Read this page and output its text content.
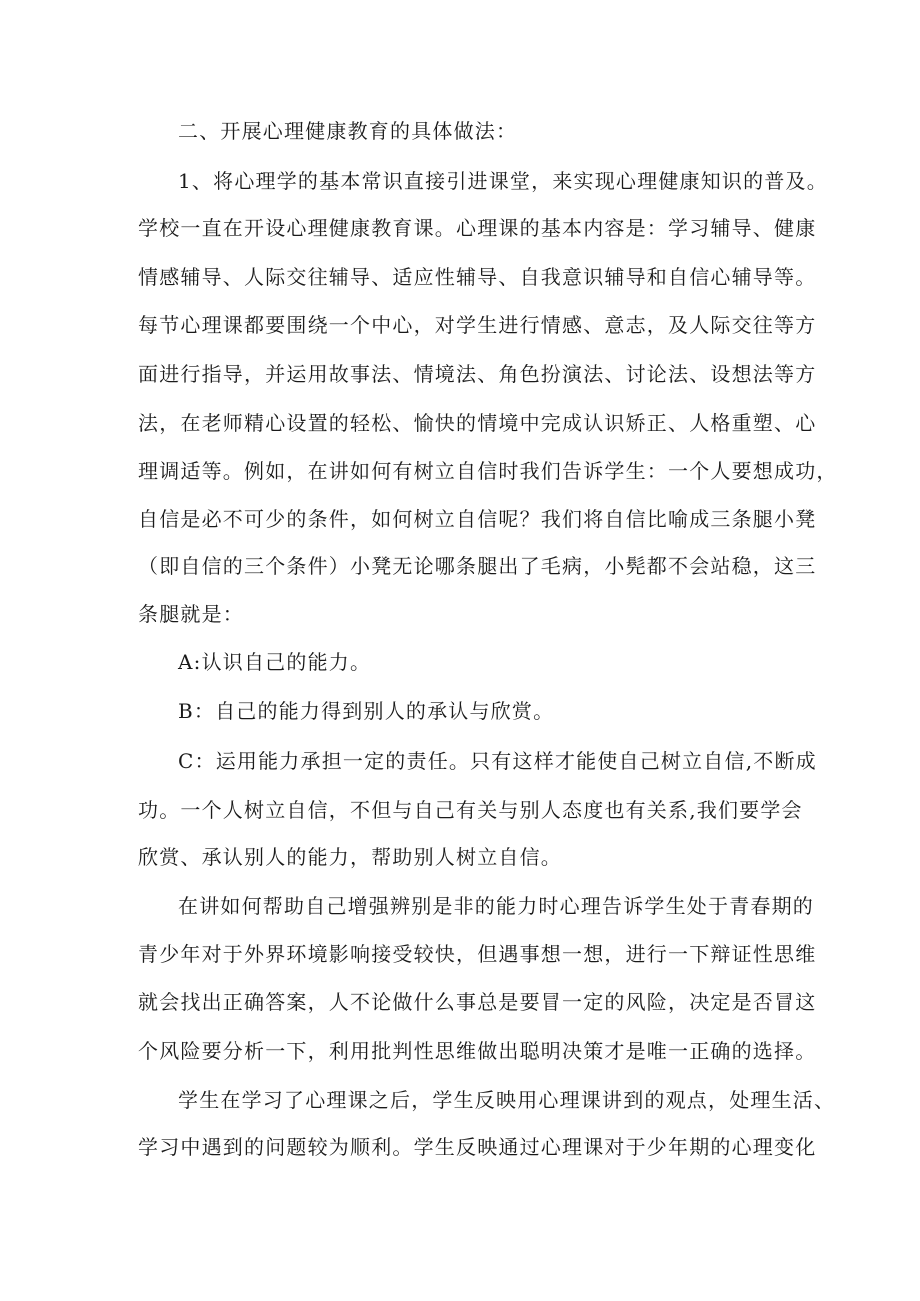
二、开展心理健康教育的具体做法：
1、将心理学的基本常识直接引进课堂，来实现心理健康知识的普及。
学校一直在开设心理健康教育课。心理课的基本内容是：学习辅导、健康
情感辅导、人际交往辅导、适应性辅导、自我意识辅导和自信心辅导等。
每节心理课都要围绕一个中心，对学生进行情感、意志，及人际交往等方
面进行指导，并运用故事法、情境法、角色扮演法、讨论法、设想法等方
法，在老师精心设置的轻松、愉快的情境中完成认识矫正、人格重塑、心
理调适等。例如，在讲如何有树立自信时我们告诉学生：一个人要想成功，
自信是必不可少的条件，如何树立自信呢？我们将自信比喻成三条腿小凳
（即自信的三个条件）小凳无论哪条腿出了毛病，小髡都不会站稳，这三
条腿就是：
A:认识自己的能力。
B：自己的能力得到别人的承认与欣赏。
C：运用能力承担一定的责任。只有这样才能使自己树立自信,不断成
功。一个人树立自信，不但与自己有关与别人态度也有关系,我们要学会
欣赏、承认别人的能力，帮助别人树立自信。
在讲如何帮助自己增强辨别是非的能力时心理告诉学生处于青春期的
青少年对于外界环境影响接受较快，但遇事想一想，进行一下辩证性思维
就会找出正确答案，人不论做什么事总是要冒一定的风险，决定是否冒这
个风险要分析一下，利用批判性思维做出聪明决策才是唯一正确的选择。
学生在学习了心理课之后，学生反映用心理课讲到的观点，处理生活、
学习中遇到的问题较为顺利。学生反映通过心理课对于少年期的心理变化
